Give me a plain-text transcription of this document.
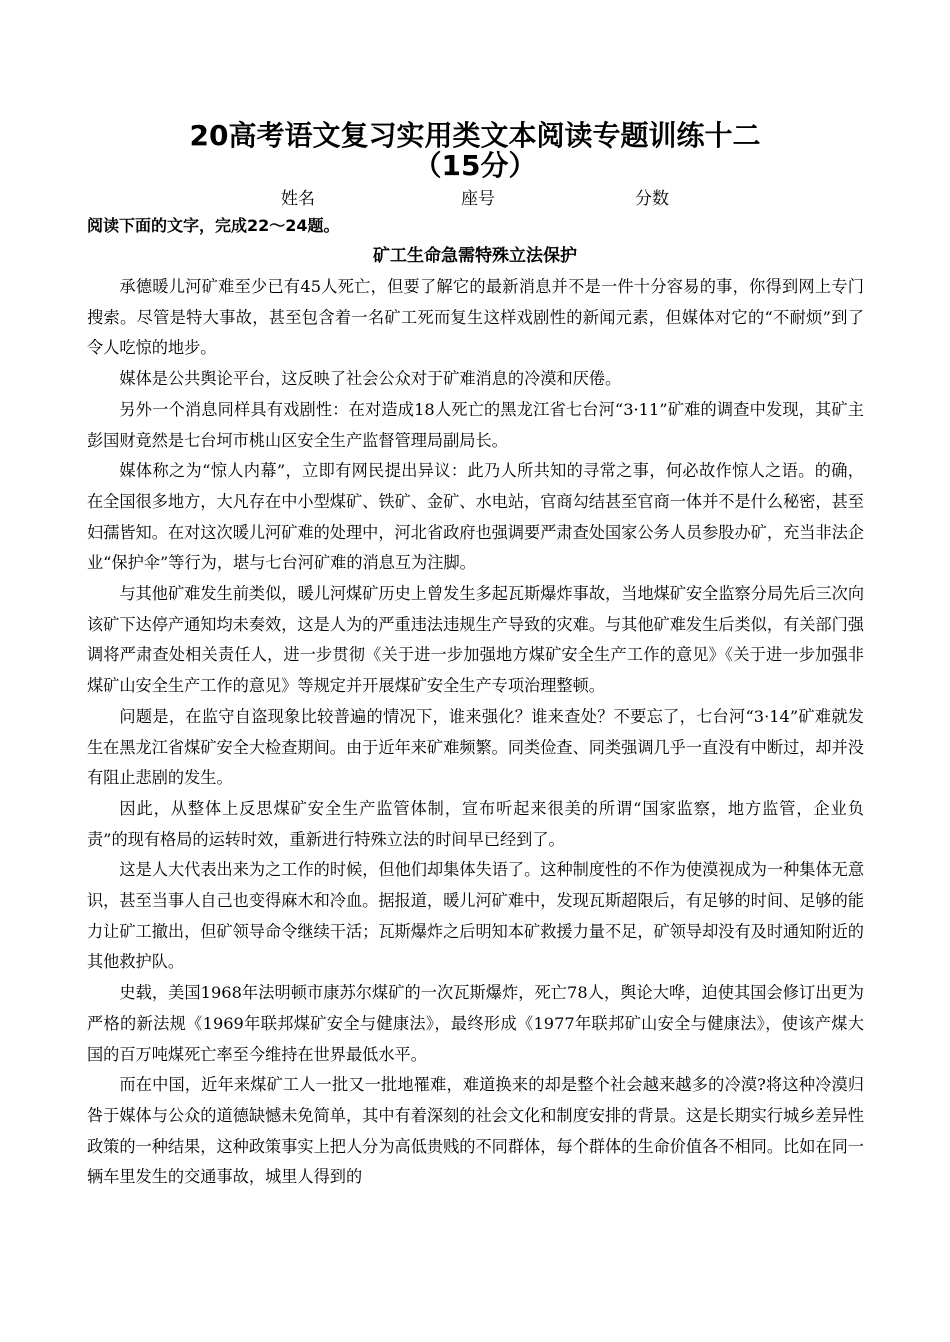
20高考语文复习实用类文本阅读专题训练十二
（15分）
姓名	座号	分数
阅读下面的文字，完成22～24题。
矿工生命急需特殊立法保护

承德暖儿河矿难至少已有45人死亡，但要了解它的最新消息并不是一件十分容易的事，你得到网上专门搜索。尽管是特大事故，甚至包含着一名矿工死而复生这样戏剧性的新闻元素，但媒体对它的“不耐烦”到了令人吃惊的地步。

媒体是公共舆论平台，这反映了社会公众对于矿难消息的冷漠和厌倦。

另外一个消息同样具有戏剧性：在对造成18人死亡的黑龙江省七台河“3·11”矿难的调查中发现，其矿主彭国财竟然是七台坷市桃山区安全生产监督管理局副局长。

媒体称之为“惊人内幕”，立即有网民提出异议：此乃人所共知的寻常之事，何必故作惊人之语。的确，在全国很多地方，大凡存在中小型煤矿、铁矿、金矿、水电站，官商勾结甚至官商一体并不是什么秘密，甚至妇孺皆知。在对这次暖儿河矿难的处理中，河北省政府也强调要严肃查处国家公务人员参股办矿，充当非法企业“保护伞”等行为，堪与七台河矿难的消息互为注脚。

与其他矿难发生前类似，暖儿河煤矿历史上曾发生多起瓦斯爆炸事故，当地煤矿安全监察分局先后三次向该矿下达停产通知均未奏效，这是人为的严重违法违规生产导致的灾难。与其他矿难发生后类似，有关部门强调将严肃查处相关责任人，进一步贯彻《关于进一步加强地方煤矿安全生产工作的意见》《关于进一步加强非煤矿山安全生产工作的意见》等规定并开展煤矿安全生产专项治理整顿。

问题是，在监守自盗现象比较普遍的情况下，谁来强化？谁来查处？不要忘了，七台河“3·14”矿难就发生在黑龙江省煤矿安全大检查期间。由于近年来矿难频繁。同类俭查、同类强调几乎一直没有中断过，却并没有阻止悲剧的发生。

因此，从整体上反思煤矿安全生产监管体制，宣布听起来很美的所谓“国家监察，地方监管，企业负责”的现有格局的运转时效，重新进行特殊立法的时间早已经到了。

这是人大代表出来为之工作的时候，但他们却集体失语了。这种制度性的不作为使漠视成为一种集体无意识，甚至当事人自己也变得麻木和冷血。据报道，暖儿河矿难中，发现瓦斯超限后，有足够的时间、足够的能力让矿工撤出，但矿领导命令继续干活；瓦斯爆炸之后明知本矿救援力量不足，矿领导却没有及时通知附近的其他救护队。

史载，美国1968年法明顿市康苏尔煤矿的一次瓦斯爆炸，死亡78人，舆论大哗，迫使其国会修订出更为严格的新法规《1969年联邦煤矿安全与健康法》，最终形成《1977年联邦矿山安全与健康法》，使该产煤大国的百万吨煤死亡率至今维持在世界最低水平。

而在中国，近年来煤矿工人一批又一批地罹难，难道换来的却是整个社会越来越多的冷漠?将这种冷漠归咎于媒体与公众的道德缺憾未免简单，其中有着深刻的社会文化和制度安排的背景。这是长期实行城乡差异性政策的一种结果，这种政策事实上把人分为高低贵贱的不同群体，每个群体的生命价值各不相同。比如在同一辆车里发生的交通事故，城里人得到的
